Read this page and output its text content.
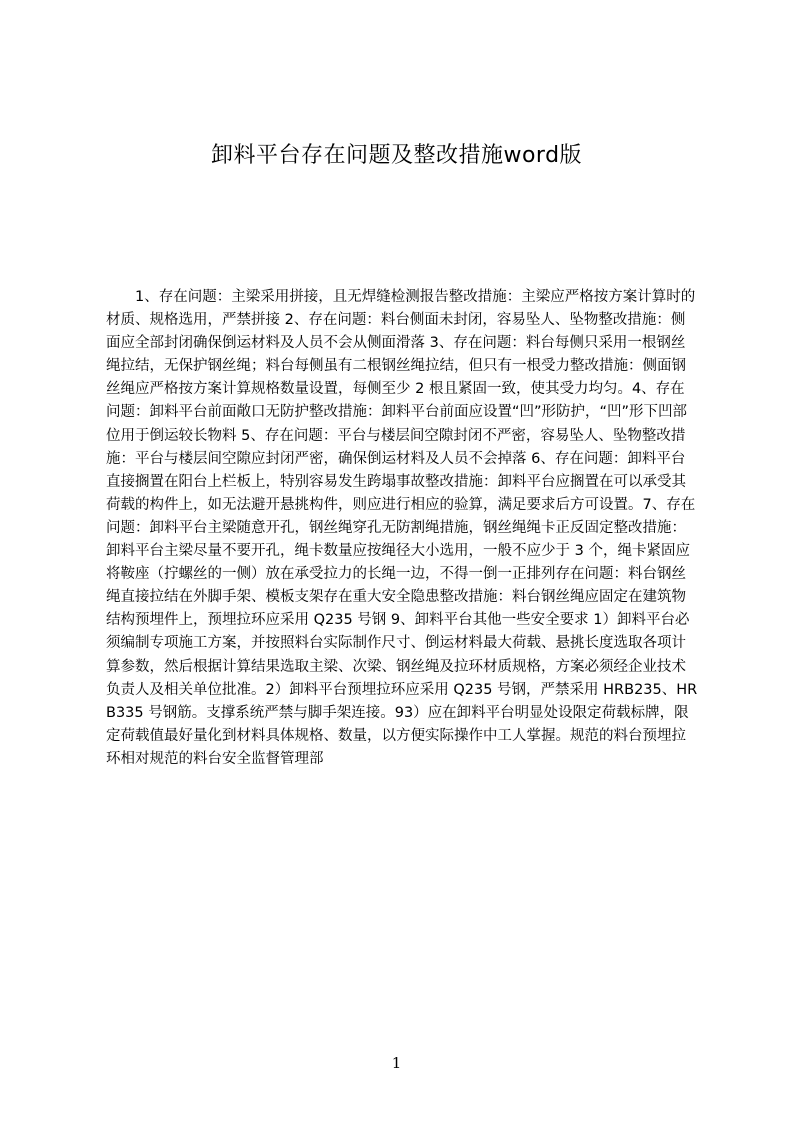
卸料平台存在问题及整改措施word版

1、存在问题：主梁采用拼接，且无焊缝检测报告整改措施：主梁应严格按方案计算时的材质、规格选用，严禁拼接 2、存在问题：料台侧面未封闭，容易坠人、坠物整改措施：侧面应全部封闭确保倒运材料及人员不会从侧面滑落 3、存在问题：料台每侧只采用一根钢丝绳拉结，无保护钢丝绳；料台每侧虽有二根钢丝绳拉结，但只有一根受力整改措施：侧面钢丝绳应严格按方案计算规格数量设置，每侧至少 2 根且紧固一致，使其受力均匀。4、存在问题：卸料平台前面敞口无防护整改措施：卸料平台前面应设置“凹”形防护，“凹”形下凹部位用于倒运较长物料 5、存在问题：平台与楼层间空隙封闭不严密，容易坠人、坠物整改措施：平台与楼层间空隙应封闭严密，确保倒运材料及人员不会掉落 6、存在问题：卸料平台直接搁置在阳台上栏板上，特别容易发生跨塌事故整改措施：卸料平台应搁置在可以承受其荷载的构件上，如无法避开悬挑构件，则应进行相应的验算，满足要求后方可设置。7、存在问题：卸料平台主梁随意开孔，钢丝绳穿孔无防割绳措施，钢丝绳绳卡正反固定整改措施：卸料平台主梁尽量不要开孔，绳卡数量应按绳径大小选用，一般不应少于 3 个，绳卡紧固应将鞍座（拧螺丝的一侧）放在承受拉力的长绳一边，不得一倒一正排列存在问题：料台钢丝绳直接拉结在外脚手架、模板支架存在重大安全隐患整改措施：料台钢丝绳应固定在建筑物结构预埋件上，预埋拉环应采用 Q235 号钢 9、卸料平台其他一些安全要求 1）卸料平台必须编制专项施工方案，并按照料台实际制作尺寸、倒运材料最大荷载、悬挑长度选取各项计算参数，然后根据计算结果选取主梁、次梁、钢丝绳及拉环材质规格，方案必须经企业技术负责人及相关单位批准。2）卸料平台预埋拉环应采用 Q235 号钢，严禁采用 HRB235、HRB335 号钢筋。支撑系统严禁与脚手架连接。93）应在卸料平台明显处设限定荷载标牌，限定荷载值最好量化到材料具体规格、数量，以方便实际操作中工人掌握。规范的料台预埋拉环相对规范的料台安全监督管理部

1
